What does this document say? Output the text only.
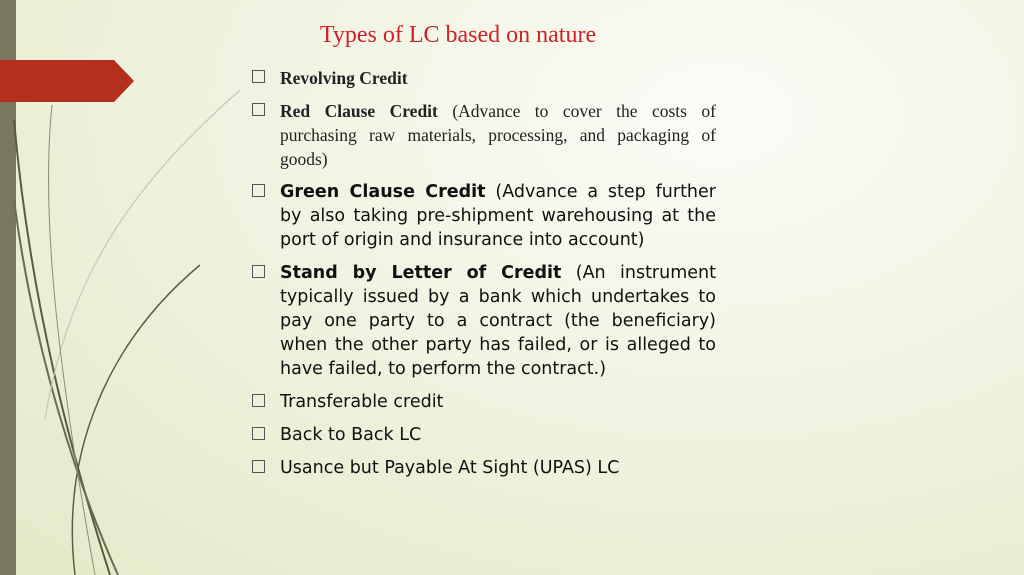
Types of LC based on nature
Revolving Credit
Red Clause Credit (Advance to cover the costs of purchasing raw materials, processing, and packaging of goods)
Green Clause Credit (Advance a step further by also taking pre-shipment warehousing at the port of origin and insurance into account)
Stand by Letter of Credit (An instrument typically issued by a bank which undertakes to pay one party to a contract (the beneficiary) when the other party has failed, or is alleged to have failed, to perform the contract.)
Transferable credit
Back to Back LC
Usance but Payable At Sight (UPAS) LC
